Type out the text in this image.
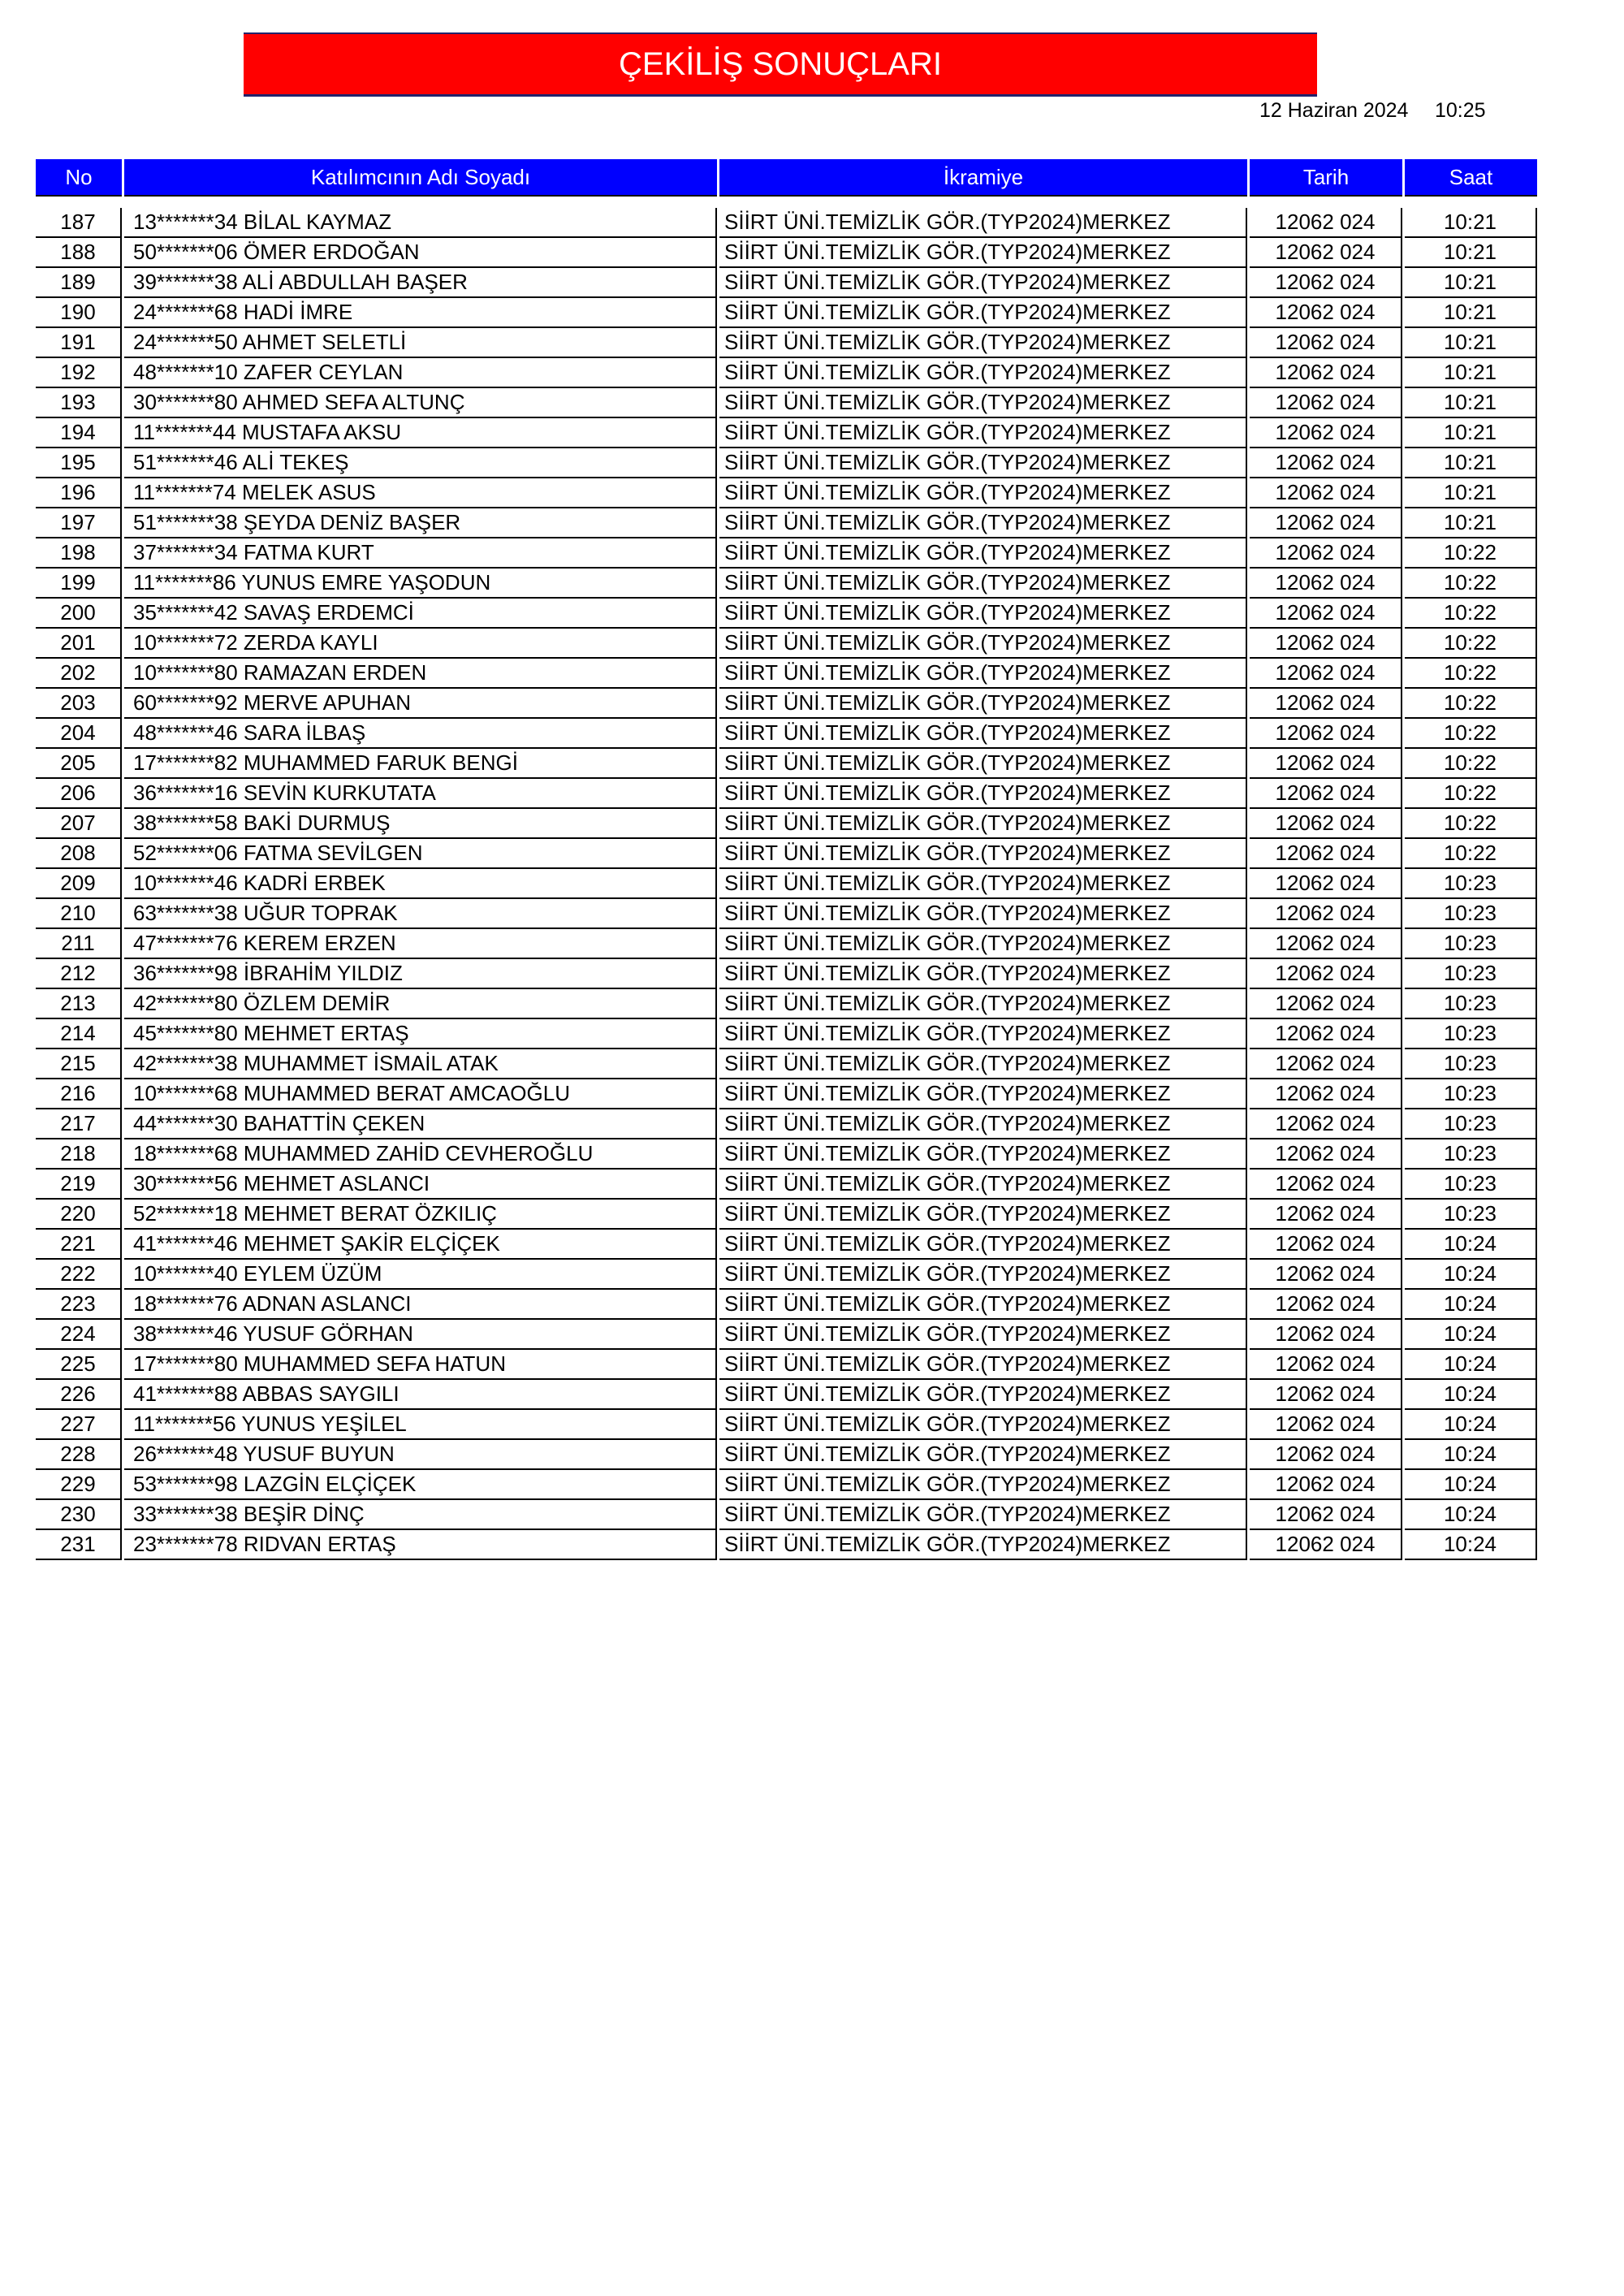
ÇEKİLİŞ SONUÇLARI
12 Haziran 2024 10:25
No	Katılımcının Adı Soyadı	İkramiye	Tarih	Saat
187	13*******34 BİLAL KAYMAZ	SİİRT ÜNİ.TEMİZLİK GÖR.(TYP2024)MERKEZ	12062 024	10:21
188	50*******06 ÖMER ERDOĞAN	SİİRT ÜNİ.TEMİZLİK GÖR.(TYP2024)MERKEZ	12062 024	10:21
189	39*******38 ALİ ABDULLAH BAŞER	SİİRT ÜNİ.TEMİZLİK GÖR.(TYP2024)MERKEZ	12062 024	10:21
190	24*******68 HADİ İMRE	SİİRT ÜNİ.TEMİZLİK GÖR.(TYP2024)MERKEZ	12062 024	10:21
191	24*******50 AHMET SELETLİ	SİİRT ÜNİ.TEMİZLİK GÖR.(TYP2024)MERKEZ	12062 024	10:21
192	48*******10 ZAFER CEYLAN	SİİRT ÜNİ.TEMİZLİK GÖR.(TYP2024)MERKEZ	12062 024	10:21
193	30*******80 AHMED SEFA ALTUNÇ	SİİRT ÜNİ.TEMİZLİK GÖR.(TYP2024)MERKEZ	12062 024	10:21
194	11*******44 MUSTAFA AKSU	SİİRT ÜNİ.TEMİZLİK GÖR.(TYP2024)MERKEZ	12062 024	10:21
195	51*******46 ALİ TEKEŞ	SİİRT ÜNİ.TEMİZLİK GÖR.(TYP2024)MERKEZ	12062 024	10:21
196	11*******74 MELEK ASUS	SİİRT ÜNİ.TEMİZLİK GÖR.(TYP2024)MERKEZ	12062 024	10:21
197	51*******38 ŞEYDA DENİZ BAŞER	SİİRT ÜNİ.TEMİZLİK GÖR.(TYP2024)MERKEZ	12062 024	10:21
198	37*******34 FATMA KURT	SİİRT ÜNİ.TEMİZLİK GÖR.(TYP2024)MERKEZ	12062 024	10:22
199	11*******86 YUNUS EMRE YAŞODUN	SİİRT ÜNİ.TEMİZLİK GÖR.(TYP2024)MERKEZ	12062 024	10:22
200	35*******42 SAVAŞ ERDEMCİ	SİİRT ÜNİ.TEMİZLİK GÖR.(TYP2024)MERKEZ	12062 024	10:22
201	10*******72 ZERDA KAYLI	SİİRT ÜNİ.TEMİZLİK GÖR.(TYP2024)MERKEZ	12062 024	10:22
202	10*******80 RAMAZAN ERDEN	SİİRT ÜNİ.TEMİZLİK GÖR.(TYP2024)MERKEZ	12062 024	10:22
203	60*******92 MERVE APUHAN	SİİRT ÜNİ.TEMİZLİK GÖR.(TYP2024)MERKEZ	12062 024	10:22
204	48*******46 SARA İLBAŞ	SİİRT ÜNİ.TEMİZLİK GÖR.(TYP2024)MERKEZ	12062 024	10:22
205	17*******82 MUHAMMED FARUK BENGİ	SİİRT ÜNİ.TEMİZLİK GÖR.(TYP2024)MERKEZ	12062 024	10:22
206	36*******16 SEVİN KURKUTATA	SİİRT ÜNİ.TEMİZLİK GÖR.(TYP2024)MERKEZ	12062 024	10:22
207	38*******58 BAKİ DURMUŞ	SİİRT ÜNİ.TEMİZLİK GÖR.(TYP2024)MERKEZ	12062 024	10:22
208	52*******06 FATMA SEVİLGEN	SİİRT ÜNİ.TEMİZLİK GÖR.(TYP2024)MERKEZ	12062 024	10:22
209	10*******46 KADRİ ERBEK	SİİRT ÜNİ.TEMİZLİK GÖR.(TYP2024)MERKEZ	12062 024	10:23
210	63*******38 UĞUR TOPRAK	SİİRT ÜNİ.TEMİZLİK GÖR.(TYP2024)MERKEZ	12062 024	10:23
211	47*******76 KEREM ERZEN	SİİRT ÜNİ.TEMİZLİK GÖR.(TYP2024)MERKEZ	12062 024	10:23
212	36*******98 İBRAHİM YILDIZ	SİİRT ÜNİ.TEMİZLİK GÖR.(TYP2024)MERKEZ	12062 024	10:23
213	42*******80 ÖZLEM DEMİR	SİİRT ÜNİ.TEMİZLİK GÖR.(TYP2024)MERKEZ	12062 024	10:23
214	45*******80 MEHMET ERTAŞ	SİİRT ÜNİ.TEMİZLİK GÖR.(TYP2024)MERKEZ	12062 024	10:23
215	42*******38 MUHAMMET İSMAİL ATAK	SİİRT ÜNİ.TEMİZLİK GÖR.(TYP2024)MERKEZ	12062 024	10:23
216	10*******68 MUHAMMED BERAT AMCAOĞLU	SİİRT ÜNİ.TEMİZLİK GÖR.(TYP2024)MERKEZ	12062 024	10:23
217	44*******30 BAHATTİN ÇEKEN	SİİRT ÜNİ.TEMİZLİK GÖR.(TYP2024)MERKEZ	12062 024	10:23
218	18*******68 MUHAMMED ZAHİD CEVHEROĞLU	SİİRT ÜNİ.TEMİZLİK GÖR.(TYP2024)MERKEZ	12062 024	10:23
219	30*******56 MEHMET ASLANCI	SİİRT ÜNİ.TEMİZLİK GÖR.(TYP2024)MERKEZ	12062 024	10:23
220	52*******18 MEHMET BERAT ÖZKILIÇ	SİİRT ÜNİ.TEMİZLİK GÖR.(TYP2024)MERKEZ	12062 024	10:23
221	41*******46 MEHMET ŞAKİR ELÇİÇEK	SİİRT ÜNİ.TEMİZLİK GÖR.(TYP2024)MERKEZ	12062 024	10:24
222	10*******40 EYLEM ÜZÜM	SİİRT ÜNİ.TEMİZLİK GÖR.(TYP2024)MERKEZ	12062 024	10:24
223	18*******76 ADNAN ASLANCI	SİİRT ÜNİ.TEMİZLİK GÖR.(TYP2024)MERKEZ	12062 024	10:24
224	38*******46 YUSUF GÖRHAN	SİİRT ÜNİ.TEMİZLİK GÖR.(TYP2024)MERKEZ	12062 024	10:24
225	17*******80 MUHAMMED SEFA HATUN	SİİRT ÜNİ.TEMİZLİK GÖR.(TYP2024)MERKEZ	12062 024	10:24
226	41*******88 ABBAS SAYGILI	SİİRT ÜNİ.TEMİZLİK GÖR.(TYP2024)MERKEZ	12062 024	10:24
227	11*******56 YUNUS YEŞİLEL	SİİRT ÜNİ.TEMİZLİK GÖR.(TYP2024)MERKEZ	12062 024	10:24
228	26*******48 YUSUF BUYUN	SİİRT ÜNİ.TEMİZLİK GÖR.(TYP2024)MERKEZ	12062 024	10:24
229	53*******98 LAZGİN ELÇİÇEK	SİİRT ÜNİ.TEMİZLİK GÖR.(TYP2024)MERKEZ	12062 024	10:24
230	33*******38 BEŞİR DİNÇ	SİİRT ÜNİ.TEMİZLİK GÖR.(TYP2024)MERKEZ	12062 024	10:24
231	23*******78 RIDVAN ERTAŞ	SİİRT ÜNİ.TEMİZLİK GÖR.(TYP2024)MERKEZ	12062 024	10:24
